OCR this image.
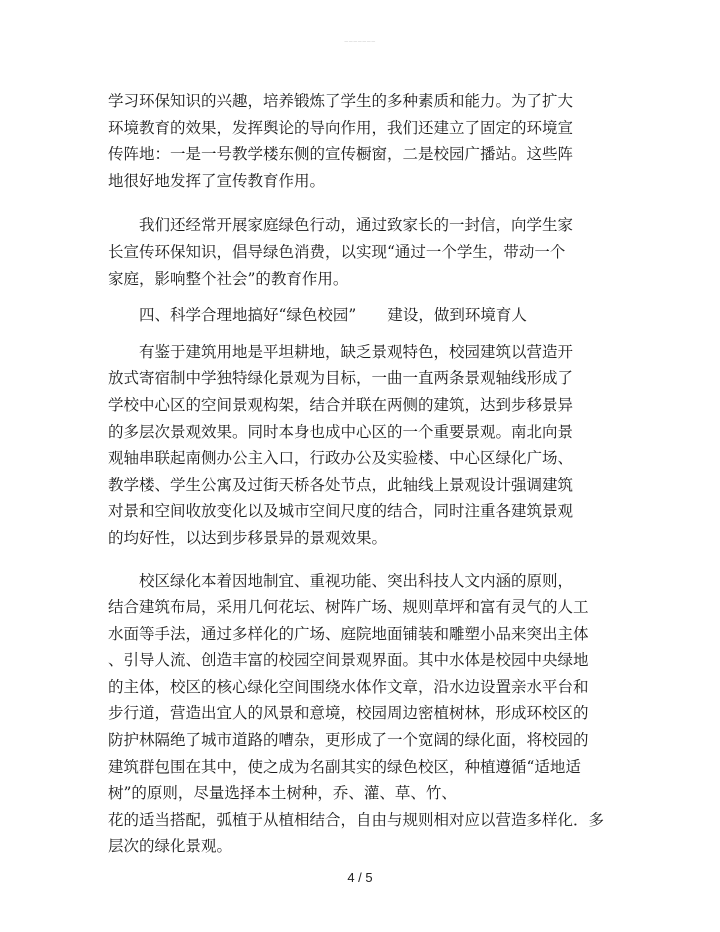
———————

学习环保知识的兴趣，培养锻炼了学生的多种素质和能力。为了扩大
环境教育的效果，发挥舆论的导向作用，我们还建立了固定的环境宣
传阵地：一是一号教学楼东侧的宣传橱窗，二是校园广播站。这些阵
地很好地发挥了宣传教育作用。

　　我们还经常开展家庭绿色行动，通过致家长的一封信，向学生家
长宣传环保知识，倡导绿色消费，以实现“通过一个学生，带动一个
家庭，影响整个社会”的教育作用。

　　四、科学合理地搞好“绿色校园”　　建设，做到环境育人

　　有鉴于建筑用地是平坦耕地，缺乏景观特色，校园建筑以营造开
放式寄宿制中学独特绿化景观为目标，一曲一直两条景观轴线形成了
学校中心区的空间景观构架，结合并联在两侧的建筑，达到步移景异
的多层次景观效果。同时本身也成中心区的一个重要景观。南北向景
观轴串联起南侧办公主入口，行政办公及实验楼、中心区绿化广场、
教学楼、学生公寓及过街天桥各处节点，此轴线上景观设计强调建筑
对景和空间收放变化以及城市空间尺度的结合，同时注重各建筑景观
的均好性，以达到步移景异的景观效果。

　　校区绿化本着因地制宜、重视功能、突出科技人文内涵的原则，
结合建筑布局，采用几何花坛、树阵广场、规则草坪和富有灵气的人工
水面等手法，通过多样化的广场、庭院地面铺装和雕塑小品来突出主体
、引导人流、创造丰富的校园空间景观界面。其中水体是校园中央绿地
的主体，校区的核心绿化空间围绕水体作文章，沿水边设置亲水平台和
步行道，营造出宜人的风景和意境，校园周边密植树林，形成环校区的
防护林隔绝了城市道路的嘈杂，更形成了一个宽阔的绿化面，将校园的
建筑群包围在其中，使之成为名副其实的绿色校区，种植遵循“适地适
树”的原则，尽量选择本土树种，乔、灌、草、竹、
花的适当搭配，弧植于从植相结合，自由与规则相对应以营造多样化．多
层次的绿化景观。

4 / 5
